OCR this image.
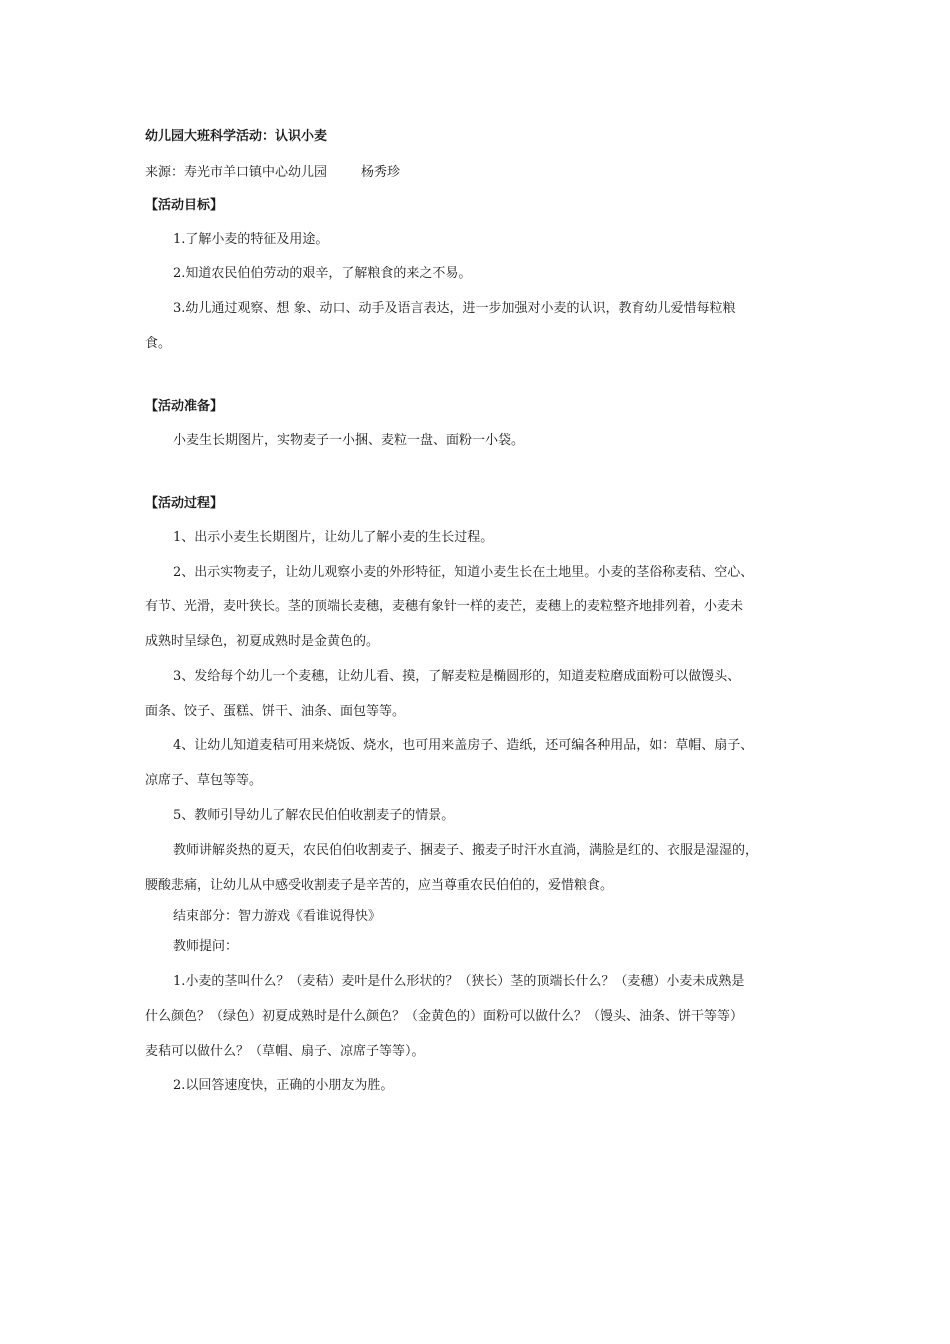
幼儿园大班科学活动：认识小麦
来源：寿光市羊口镇中心幼儿园	杨秀珍
【活动目标】
1.了解小麦的特征及用途。
2.知道农民伯伯劳动的艰辛，了解粮食的来之不易。
3.幼儿通过观察、想 象、动口、动手及语言表达，进一步加强对小麦的认识，教育幼儿爱惜每粒粮
食。
【活动准备】
小麦生长期图片，实物麦子一小捆、麦粒一盘、面粉一小袋。
【活动过程】
1、出示小麦生长期图片，让幼儿了解小麦的生长过程。
2、出示实物麦子，让幼儿观察小麦的外形特征，知道小麦生长在土地里。小麦的茎俗称麦秸、空心、
有节、光滑，麦叶狭长。茎的顶端长麦穗，麦穗有象针一样的麦芒，麦穗上的麦粒整齐地排列着，小麦未
成熟时呈绿色，初夏成熟时是金黄色的。
3、发给每个幼儿一个麦穗，让幼儿看、摸，了解麦粒是椭圆形的，知道麦粒磨成面粉可以做馒头、
面条、饺子、蛋糕、饼干、油条、面包等等。
4、让幼儿知道麦秸可用来烧饭、烧水，也可用来盖房子、造纸，还可编各种用品，如：草帽、扇子、
凉席子、草包等等。
5、教师引导幼儿了解农民伯伯收割麦子的情景。
教师讲解炎热的夏天，农民伯伯收割麦子、捆麦子、搬麦子时汗水直淌，满脸是红的、衣服是湿湿的，
腰酸悲痛，让幼儿从中感受收割麦子是辛苦的，应当尊重农民伯伯的，爱惜粮食。
结束部分：智力游戏《看谁说得快》
教师提问：
1.小麦的茎叫什么？（麦秸）麦叶是什么形状的？（狭长）茎的顶端长什么？（麦穗）小麦未成熟是
什么颜色？（绿色）初夏成熟时是什么颜色？（金黄色的）面粉可以做什么？（馒头、油条、饼干等等）
麦秸可以做什么？（草帽、扇子、凉席子等等）。
2.以回答速度快，正确的小朋友为胜。
